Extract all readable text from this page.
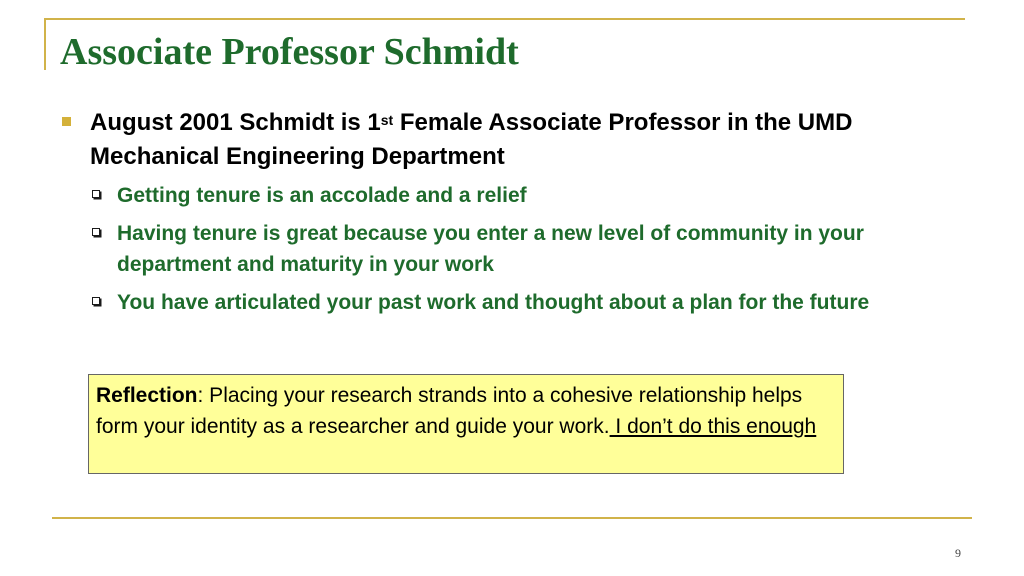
Associate Professor Schmidt
August 2001 Schmidt is 1st Female Associate Professor in the UMD Mechanical Engineering Department
Getting tenure is an accolade and a relief
Having tenure is great because you enter a new level of community in your department and maturity in your work
You have articulated your past work and thought about a plan for the future
Reflection: Placing your research strands into a cohesive relationship helps form your identity as a researcher and guide your work. I don’t do this enough
9
